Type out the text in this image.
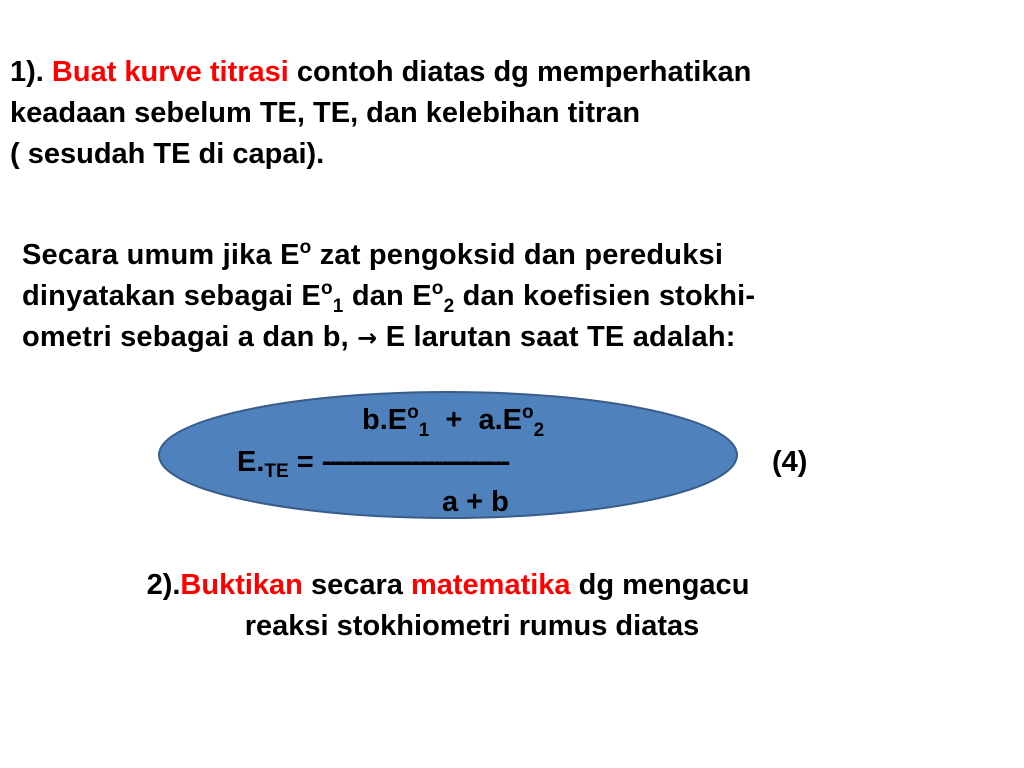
1). Buat kurve titrasi contoh diatas dg memperhatikan
keadaan sebelum TE, TE, dan kelebihan titran
( sesudah TE di capai).
Secara umum jika $E^o$ zat pengoksid dan pereduksi
dinyatakan sebagai $E^o_1$ dan $E^o_2$ dan koefisien stokhi-
ometri sebagai a dan b, → E larutan saat TE adalah:
$b.E^o_1 + a.E^o_2$
$E._{TE}$ = -------------------------
a + b
(4)
2).Buktikan secara matematika dg mengacu
reaksi stokhiometri rumus diatas
